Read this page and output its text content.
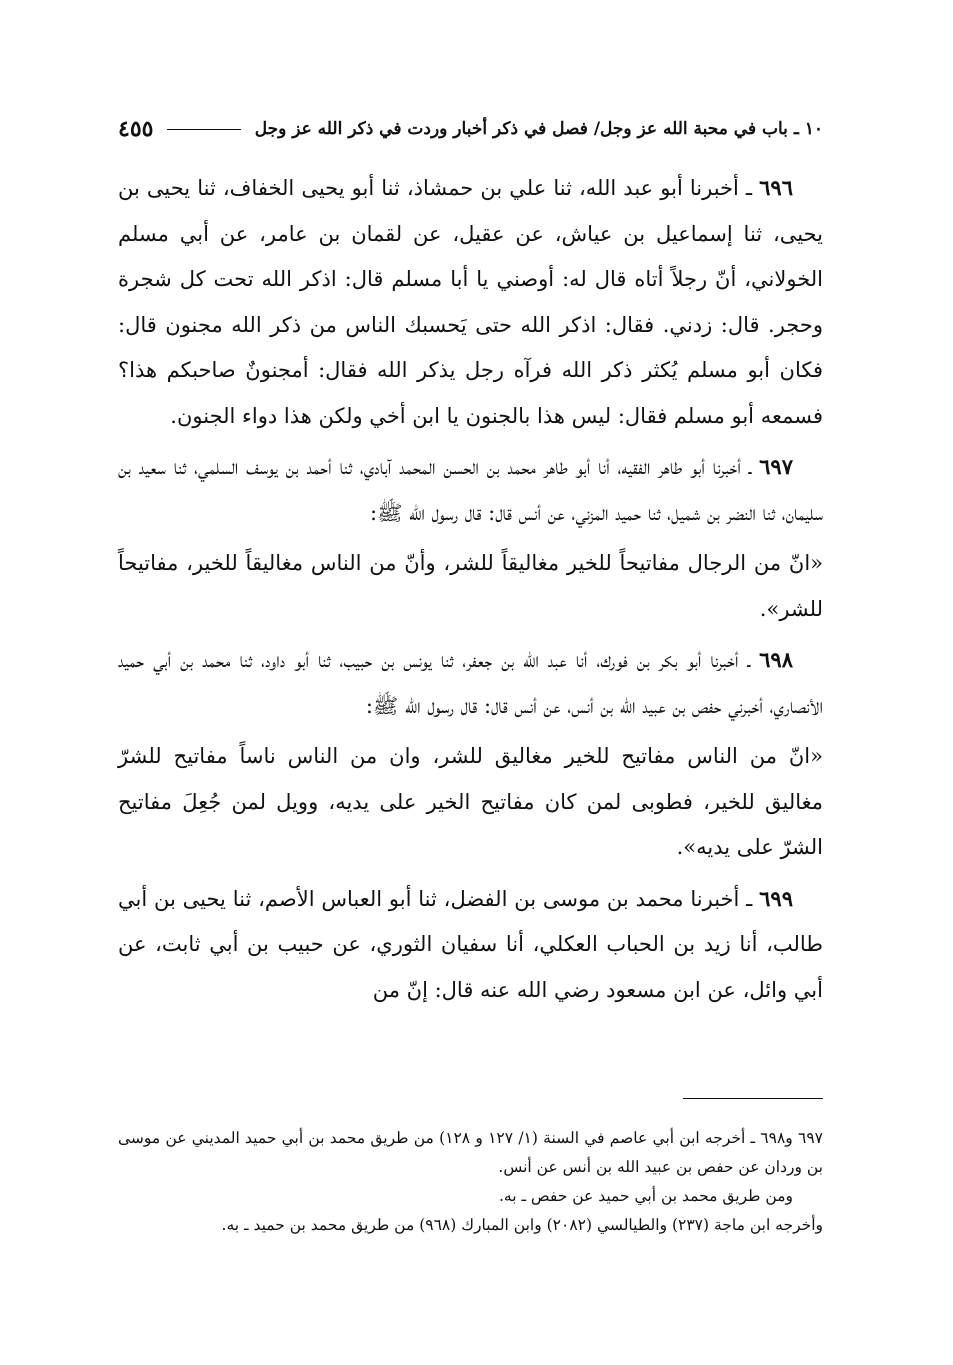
١٠ ـ باب في محبة الله عز وجل/ فصل في ذكر أخبار وردت في ذكر الله عز وجل
٤٥٥

٦٩٦ ـ أخبرنا أبو عبد الله، ثنا علي بن حمشاذ، ثنا أبو يحيى الخفاف، ثنا يحيى بن يحيى، ثنا إسماعيل بن عياش، عن عقيل، عن لقمان بن عامر، عن أبي مسلم الخولاني، أنّ رجلاً أتاه قال له: أوصني يا أبا مسلم قال: اذكر الله تحت كل شجرة وحجر. قال: زدني. فقال: اذكر الله حتى يَحسبك الناس من ذكر الله مجنون قال: فكان أبو مسلم يُكثر ذكر الله فرآه رجل يذكر الله فقال: أمجنونٌ صاحبكم هذا؟ فسمعه أبو مسلم فقال: ليس هذا بالجنون يا ابن أخي ولكن هذا دواء الجنون.

٦٩٧ ـ أخبرنا أبو طاهر الفقيه، أنا أبو طاهر محمد بن الحسن المحمد آبادي، ثنا أحمد بن يوسف السلمي، ثنا سعيد بن سليمان، ثنا النضر بن شميل، ثنا حميد المزني، عن أنس قال: قال رسول الله ﷺ:

«انّ من الرجال مفاتيحاً للخير مغاليقاً للشر، وأنّ من الناس مغاليقاً للخير، مفاتيحاً للشر».

٦٩٨ ـ أخبرنا أبو بكر بن فورك، أنا عبد الله بن جعفر، ثنا يونس بن حبيب، ثنا أبو داود، ثنا محمد بن أبي حميد الأنصاري، أخبرني حفص بن عبيد الله بن أنس، عن أنس قال: قال رسول الله ﷺ:

«انّ من الناس مفاتيح للخير مغاليق للشر، وان من الناس ناساً مفاتيح للشرّ مغاليق للخير، فطوبى لمن كان مفاتيح الخير على يديه، وويل لمن جُعِلَ مفاتيح الشرّ على يديه».

٦٩٩ ـ أخبرنا محمد بن موسى بن الفضل، ثنا أبو العباس الأصم، ثنا يحيى بن أبي طالب، أنا زيد بن الحباب العكلي، أنا سفيان الثوري، عن حبيب بن أبي ثابت، عن أبي وائل، عن ابن مسعود رضي الله عنه قال: إنّ من

٦٩٧ و٦٩٨ ـ أخرجه ابن أبي عاصم في السنة (١/ ١٢٧ و ١٢٨) من طريق محمد بن أبي حميد المديني عن موسى بن وردان عن حفص بن عبيد الله بن أنس عن أنس.

ومن طريق محمد بن أبي حميد عن حفص ـ به.

وأخرجه ابن ماجة (٢٣٧) والطيالسي (٢٠٨٢) وابن المبارك (٩٦٨) من طريق محمد بن حميد ـ به.
